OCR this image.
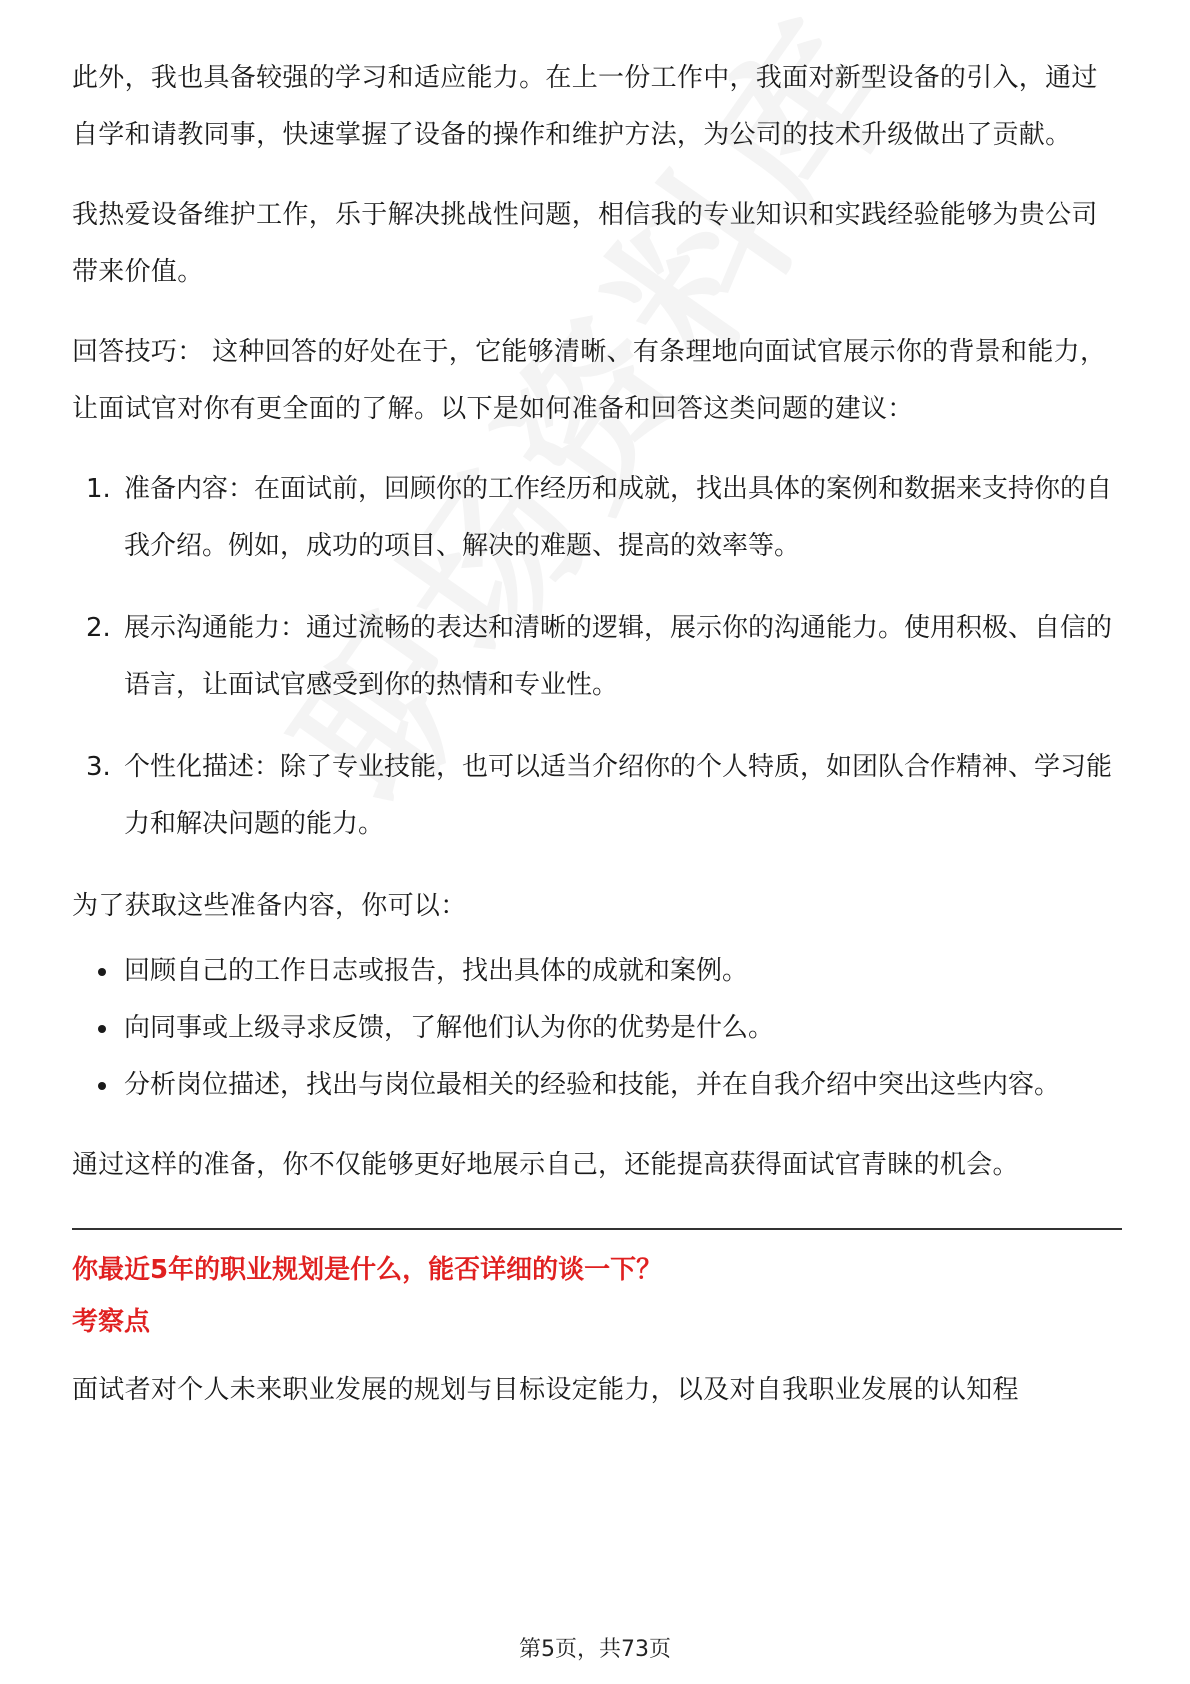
此外，我也具备较强的学习和适应能力。在上一份工作中，我面对新型设备的引入，通过自学和请教同事，快速掌握了设备的操作和维护方法，为公司的技术升级做出了贡献。

我热爱设备维护工作，乐于解决挑战性问题，相信我的专业知识和实践经验能够为贵公司带来价值。

回答技巧： 这种回答的好处在于，它能够清晰、有条理地向面试官展示你的背景和能力，让面试官对你有更全面的了解。以下是如何准备和回答这类问题的建议：

1. 准备内容：在面试前，回顾你的工作经历和成就，找出具体的案例和数据来支持你的自我介绍。例如，成功的项目、解决的难题、提高的效率等。
2. 展示沟通能力：通过流畅的表达和清晰的逻辑，展示你的沟通能力。使用积极、自信的语言，让面试官感受到你的热情和专业性。
3. 个性化描述：除了专业技能，也可以适当介绍你的个人特质，如团队合作精神、学习能力和解决问题的能力。

为了获取这些准备内容，你可以：

回顾自己的工作日志或报告，找出具体的成就和案例。
向同事或上级寻求反馈，了解他们认为你的优势是什么。
分析岗位描述，找出与岗位最相关的经验和技能，并在自我介绍中突出这些内容。

通过这样的准备，你不仅能够更好地展示自己，还能提高获得面试官青睐的机会。

你最近5年的职业规划是什么，能否详细的谈一下？
考察点

面试者对个人未来职业发展的规划与目标设定能力，以及对自我职业发展的认知程

第5页，共73页
